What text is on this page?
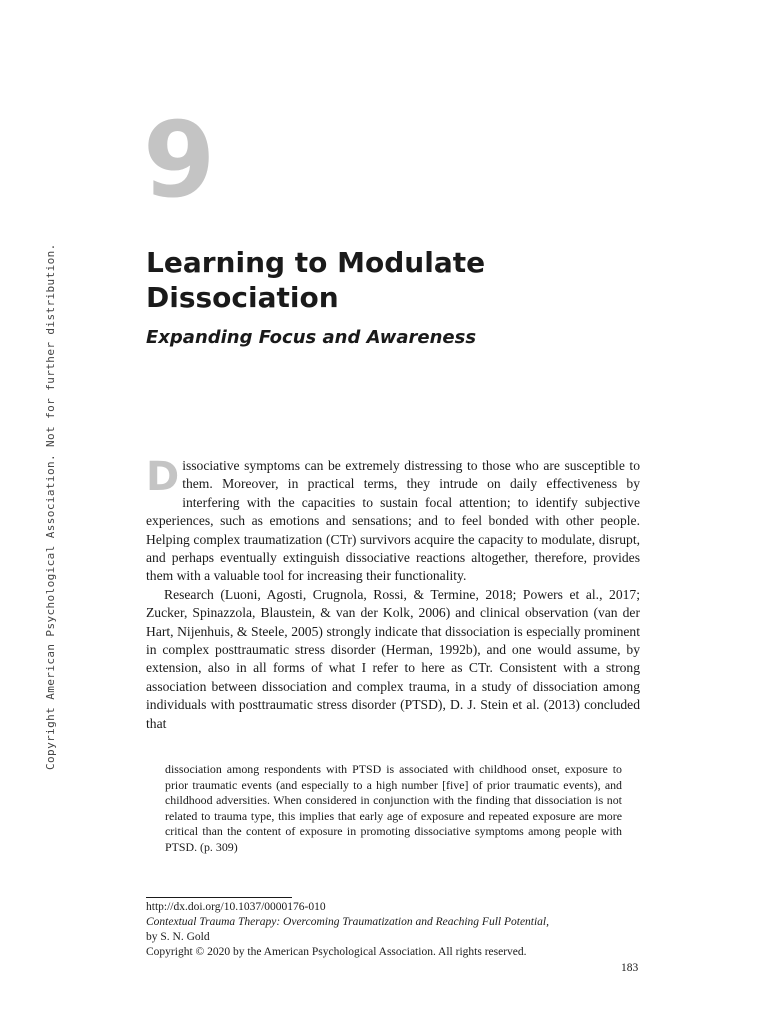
Copyright American Psychological Association. Not for further distribution.
9
Learning to Modulate Dissociation
Expanding Focus and Awareness

Dissociative symptoms can be extremely distressing to those who are susceptible to them. Moreover, in practical terms, they intrude on daily effectiveness by interfering with the capacities to sustain focal attention; to identify subjective experiences, such as emotions and sensations; and to feel bonded with other people. Helping complex traumatization (CTr) survivors acquire the capacity to modulate, disrupt, and perhaps eventually extinguish dissociative reactions altogether, therefore, provides them with a valuable tool for increasing their functionality.

Research (Luoni, Agosti, Crugnola, Rossi, & Termine, 2018; Powers et al., 2017; Zucker, Spinazzola, Blaustein, & van der Kolk, 2006) and clinical observation (van der Hart, Nijenhuis, & Steele, 2005) strongly indicate that dissociation is especially prominent in complex posttraumatic stress disorder (Herman, 1992b), and one would assume, by extension, also in all forms of what I refer to here as CTr. Consistent with a strong association between dissociation and complex trauma, in a study of dissociation among individuals with posttraumatic stress disorder (PTSD), D. J. Stein et al. (2013) concluded that

dissociation among respondents with PTSD is associated with childhood onset, exposure to prior traumatic events (and especially to a high number [five] of prior traumatic events), and childhood adversities. When considered in conjunction with the finding that dissociation is not related to trauma type, this implies that early age of exposure and repeated exposure are more critical than the content of exposure in promoting dissociative symptoms among people with PTSD. (p. 309)
http://dx.doi.org/10.1037/0000176-010
Contextual Trauma Therapy: Overcoming Traumatization and Reaching Full Potential,
by S. N. Gold
Copyright © 2020 by the American Psychological Association. All rights reserved.
183
